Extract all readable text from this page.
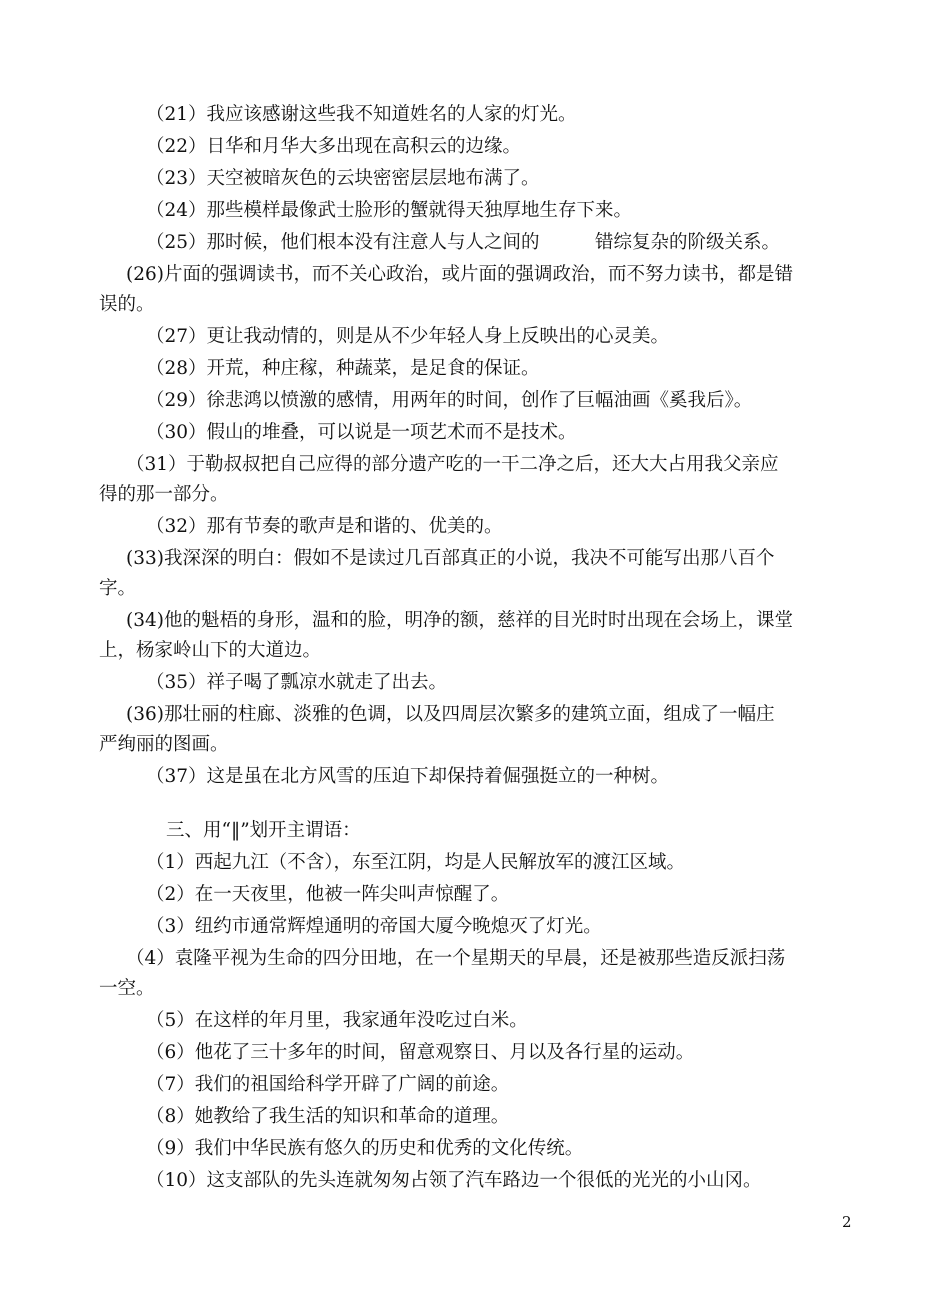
（21）我应该感谢这些我不知道姓名的人家的灯光。
（22）日华和月华大多出现在高积云的边缘。
（23）天空被暗灰色的云块密密层层地布满了。
（24）那些模样最像武士脸形的蟹就得天独厚地生存下来。
（25）那时候，他们根本没有注意人与人之间的　　　错综复杂的阶级关系。
(26)片面的强调读书，而不关心政治，或片面的强调政治，而不努力读书，都是错
误的。
（27）更让我动情的，则是从不少年轻人身上反映出的心灵美。
（28）开荒，种庄稼，种蔬菜，是足食的保证。
（29）徐悲鸿以愤激的感情，用两年的时间，创作了巨幅油画《奚我后》。
（30）假山的堆叠，可以说是一项艺术而不是技术。
（31）于勒叔叔把自己应得的部分遗产吃的一干二净之后，还大大占用我父亲应
得的那一部分。
（32）那有节奏的歌声是和谐的、优美的。
(33)我深深的明白：假如不是读过几百部真正的小说，我决不可能写出那八百个
字。
(34)他的魁梧的身形，温和的脸，明净的额，慈祥的目光时时出现在会场上，课堂
上，杨家岭山下的大道边。
（35）祥子喝了瓢凉水就走了出去。
(36)那壮丽的柱廊、淡雅的色调，以及四周层次繁多的建筑立面，组成了一幅庄
严绚丽的图画。
（37）这是虽在北方风雪的压迫下却保持着倔强挺立的一种树。
三、用“‖”划开主谓语：
（1）西起九江（不含），东至江阴，均是人民解放军的渡江区域。
（2）在一天夜里，他被一阵尖叫声惊醒了。
（3）纽约市通常辉煌通明的帝国大厦今晚熄灭了灯光。
（4）袁隆平视为生命的四分田地，在一个星期天的早晨，还是被那些造反派扫荡
一空。
（5）在这样的年月里，我家通年没吃过白米。
（6）他花了三十多年的时间，留意观察日、月以及各行星的运动。
（7）我们的祖国给科学开辟了广阔的前途。
（8）她教给了我生活的知识和革命的道理。
（9）我们中华民族有悠久的历史和优秀的文化传统。
（10）这支部队的先头连就匆匆占领了汽车路边一个很低的光光的小山冈。
2
